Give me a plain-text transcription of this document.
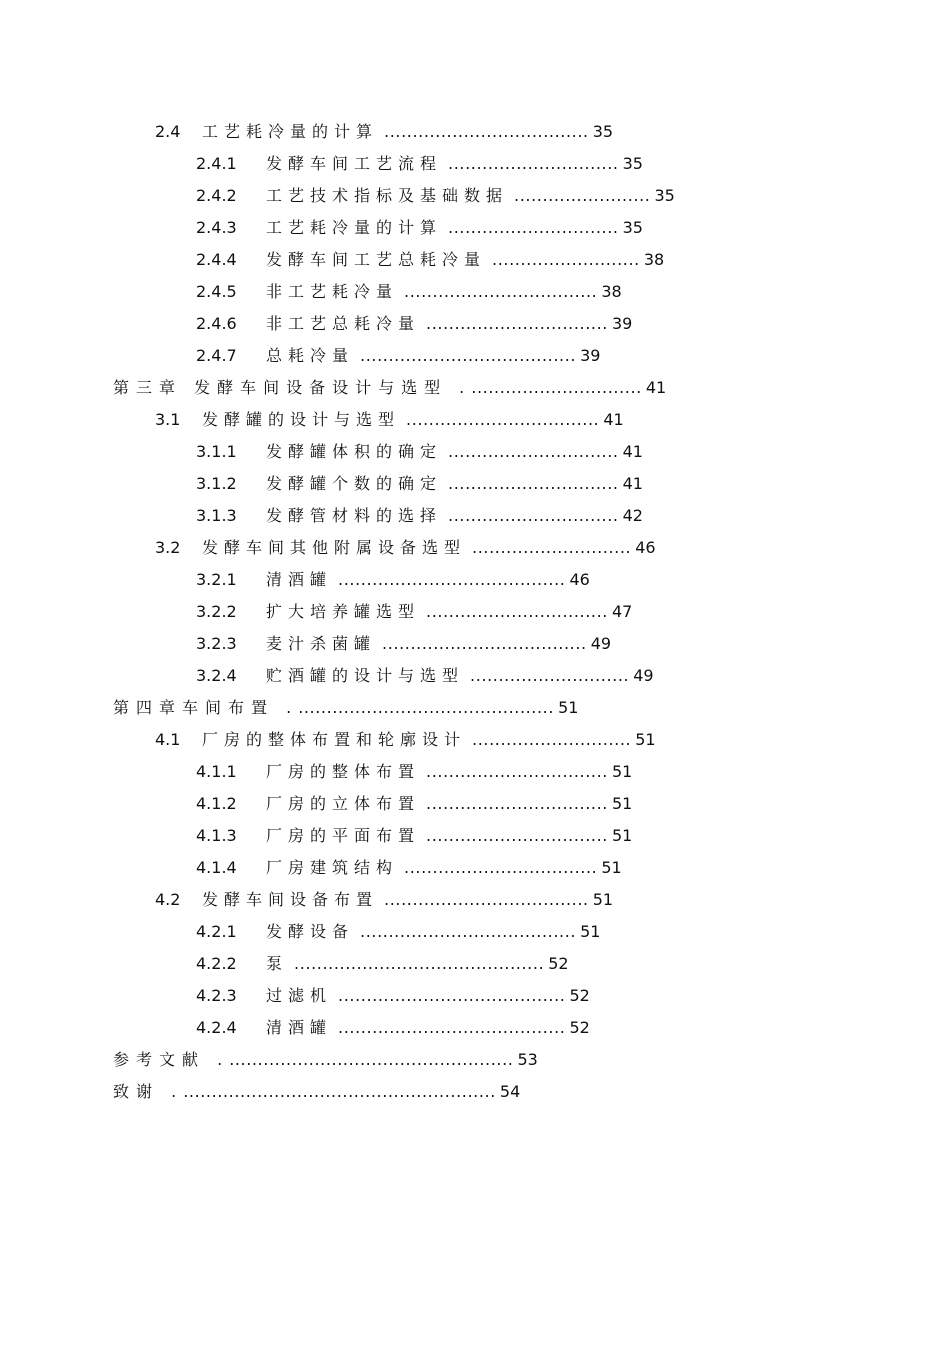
2.4 工艺耗冷量的计算 .................................... 35
2.4.1 发酵车间工艺流程 .............................. 35
2.4.2 工艺技术指标及基础数据 ........................ 35
2.4.3 工艺耗冷量的计算 .............................. 35
2.4.4 发酵车间工艺总耗冷量 .......................... 38
2.4.5 非工艺耗冷量 .................................. 38
2.4.6 非工艺总耗冷量 ................................ 39
2.4.7 总耗冷量 ...................................... 39
第三章 发酵车间设备设计与选型 ............................... 41
3.1 发酵罐的设计与选型 .................................. 41
3.1.1 发酵罐体积的确定 .............................. 41
3.1.2 发酵罐个数的确定 .............................. 41
3.1.3 发酵管材料的选择 .............................. 42
3.2 发酵车间其他附属设备选型 ............................ 46
3.2.1 清酒罐 ........................................ 46
3.2.2 扩大培养罐选型 ................................ 47
3.2.3 麦汁杀菌罐 .................................... 49
3.2.4 贮酒罐的设计与选型 ............................ 49
第四章车间布置 .............................................. 51
4.1 厂房的整体布置和轮廓设计 ............................ 51
4.1.1 厂房的整体布置 ................................ 51
4.1.2 厂房的立体布置 ................................ 51
4.1.3 厂房的平面布置 ................................ 51
4.1.4 厂房建筑结构 .................................. 51
4.2 发酵车间设备布置 .................................... 51
4.2.1 发酵设备 ...................................... 51
4.2.2 泵 ............................................ 52
4.2.3 过滤机 ........................................ 52
4.2.4 清酒罐 ........................................ 52
参考文献 ................................................... 53
致谢 ........................................................ 54
